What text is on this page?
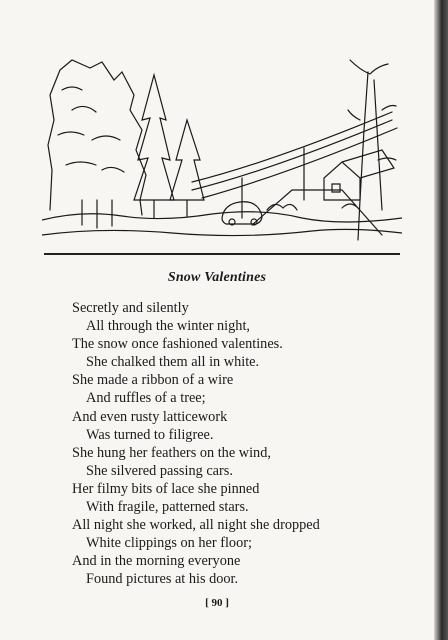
Snow Valentines
Secretly and silently
All through the winter night,
The snow once fashioned valentines.
She chalked them all in white.
She made a ribbon of a wire
And ruffles of a tree;
And even rusty latticework
Was turned to filigree.
She hung her feathers on the wind,
She silvered passing cars.
Her filmy bits of lace she pinned
With fragile, patterned stars.
All night she worked, all night she dropped
White clippings on her floor;
And in the morning everyone
Found pictures at his door.
[ 90 ]
